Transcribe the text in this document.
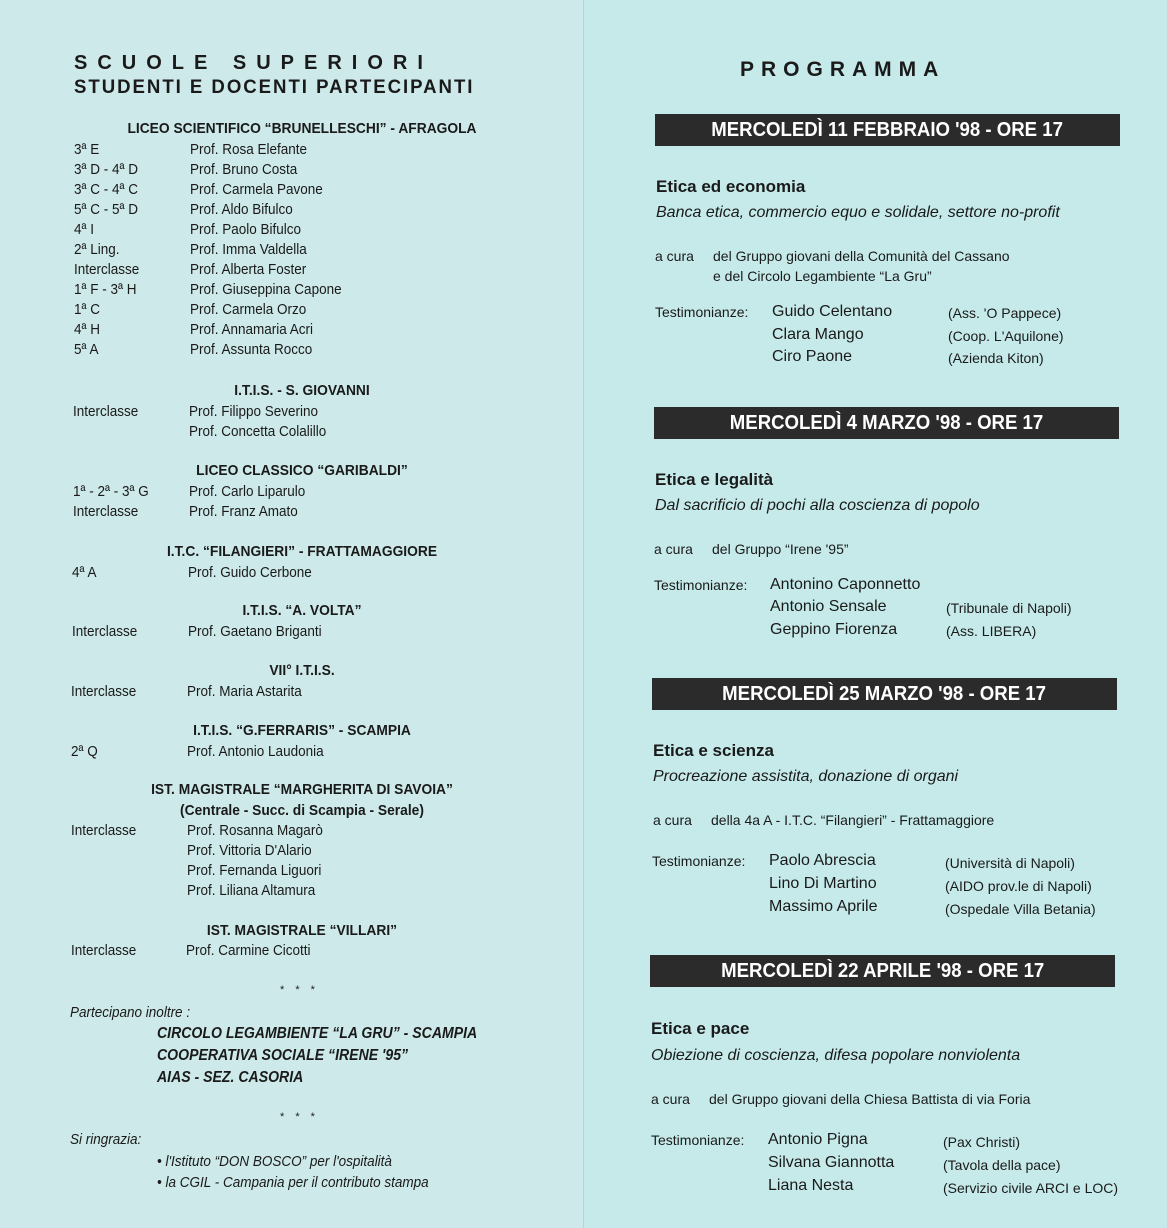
SCUOLE SUPERIORI
STUDENTI E DOCENTI PARTECIPANTI
LICEO SCIENTIFICO “BRUNELLESCHI” - AFRAGOLA
3ª E	Prof. Rosa Elefante
3ª D - 4ª D	Prof. Bruno Costa
3ª C - 4ª C	Prof. Carmela Pavone
5ª C - 5ª D	Prof. Aldo Bifulco
4ª I	Prof. Paolo Bifulco
2ª Ling.	Prof. Imma Valdella
Interclasse	Prof. Alberta Foster
1ª F - 3ª H	Prof. Giuseppina Capone
1ª C	Prof. Carmela Orzo
4ª H	Prof. Annamaria Acri
5ª A	Prof. Assunta Rocco
I.T.I.S. - S. GIOVANNI
Interclasse	Prof. Filippo Severino
Prof. Concetta Colalillo
LICEO CLASSICO “GARIBALDI”
1ª - 2ª - 3ª G	Prof. Carlo Liparulo
Interclasse	Prof. Franz Amato
I.T.C. “FILANGIERI” - FRATTAMAGGIORE
4ª A	Prof. Guido Cerbone
I.T.I.S. “A. VOLTA”
Interclasse	Prof. Gaetano Briganti
VII° I.T.I.S.
Interclasse	Prof. Maria Astarita
I.T.I.S. “G.FERRARIS” - SCAMPIA
2ª Q	Prof. Antonio Laudonia
IST. MAGISTRALE “MARGHERITA DI SAVOIA”
(Centrale - Succ. di Scampia - Serale)
Interclasse	Prof. Rosanna Magarò
Prof. Vittoria D'Alario
Prof. Fernanda Liguori
Prof. Liliana Altamura
IST. MAGISTRALE “VILLARI”
Interclasse	Prof. Carmine Cicotti
* * *
Partecipano inoltre :
CIRCOLO LEGAMBIENTE “LA GRU” - SCAMPIA
COOPERATIVA SOCIALE “IRENE '95”
AIAS - SEZ. CASORIA
* * *
Si ringrazia:
• l'Istituto “DON BOSCO” per l'ospitalità
• la CGIL - Campania per il contributo stampa
PROGRAMMA
MERCOLEDÌ 11 FEBBRAIO '98 - ORE 17
Etica ed economia
Banca etica, commercio equo e solidale, settore no-profit
a cura del Gruppo giovani della Comunità del Cassano
e del Circolo Legambiente “La Gru”
Testimonianze: Guido Celentano	(Ass. 'O Pappece)
Clara Mango	(Coop. L'Aquilone)
Ciro Paone	(Azienda Kiton)
MERCOLEDÌ 4 MARZO '98 - ORE 17
Etica e legalità
Dal sacrificio di pochi alla coscienza di popolo
a cura del Gruppo “Irene '95”
Testimonianze: Antonino Caponnetto
Antonio Sensale	(Tribunale di Napoli)
Geppino Fiorenza	(Ass. LIBERA)
MERCOLEDÌ 25 MARZO '98 - ORE 17
Etica e scienza
Procreazione assistita, donazione di organi
a cura della 4a A - I.T.C. “Filangieri” - Frattamaggiore
Testimonianze: Paolo Abrescia	(Università di Napoli)
Lino Di Martino	(AIDO prov.le di Napoli)
Massimo Aprile	(Ospedale Villa Betania)
MERCOLEDÌ 22 APRILE '98 - ORE 17
Etica e pace
Obiezione di coscienza, difesa popolare nonviolenta
a cura del Gruppo giovani della Chiesa Battista di via Foria
Testimonianze: Antonio Pigna	(Pax Christi)
Silvana Giannotta	(Tavola della pace)
Liana Nesta	(Servizio civile ARCI e LOC)
